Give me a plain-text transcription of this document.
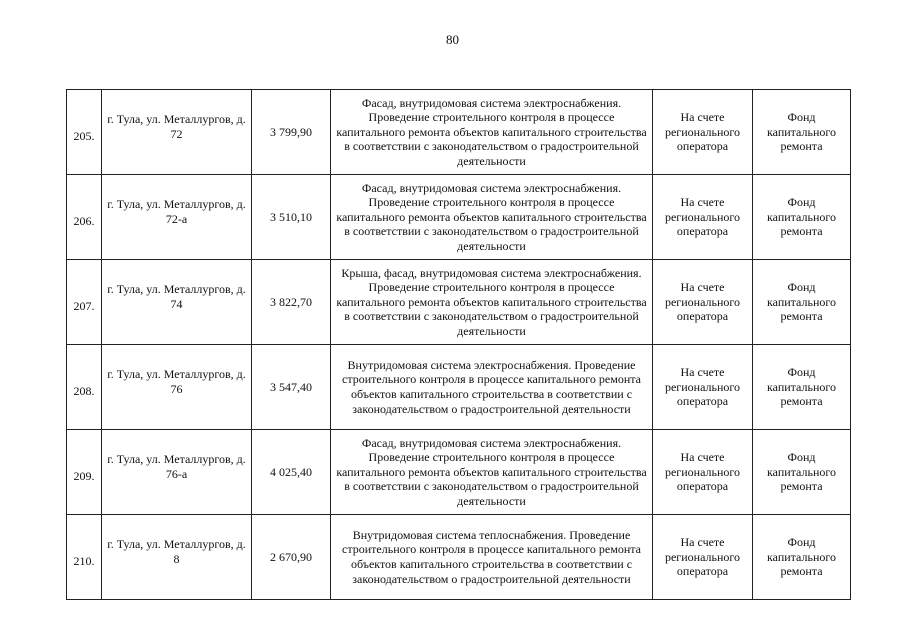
80
205.	г. Тула, ул. Металлургов, д. 72	3 799,90	Фасад, внутридомовая система электроснабжения. Проведение строительного контроля в процессе капитального ремонта объектов капитального строительства в соответствии с законодательством о градостроительной деятельности	На счете регионального оператора	Фонд капитального ремонта
206.	г. Тула, ул. Металлургов, д. 72-а	3 510,10	Фасад, внутридомовая система электроснабжения. Проведение строительного контроля в процессе капитального ремонта объектов капитального строительства в соответствии с законодательством о градостроительной деятельности	На счете регионального оператора	Фонд капитального ремонта
207.	г. Тула, ул. Металлургов, д. 74	3 822,70	Крыша, фасад, внутридомовая система электроснабжения. Проведение строительного контроля в процессе капитального ремонта объектов капитального строительства в соответствии с законодательством о градостроительной деятельности	На счете регионального оператора	Фонд капитального ремонта
208.	г. Тула, ул. Металлургов, д. 76	3 547,40	Внутридомовая система электроснабжения. Проведение строительного контроля в процессе капитального ремонта объектов капитального строительства в соответствии с законодательством о градостроительной деятельности	На счете регионального оператора	Фонд капитального ремонта
209.	г. Тула, ул. Металлургов, д. 76-а	4 025,40	Фасад, внутридомовая система электроснабжения. Проведение строительного контроля в процессе капитального ремонта объектов капитального строительства в соответствии с законодательством о градостроительной деятельности	На счете регионального оператора	Фонд капитального ремонта
210.	г. Тула, ул. Металлургов, д. 8	2 670,90	Внутридомовая система теплоснабжения. Проведение строительного контроля в процессе капитального ремонта объектов капитального строительства в соответствии с законодательством о градостроительной деятельности	На счете регионального оператора	Фонд капитального ремонта
